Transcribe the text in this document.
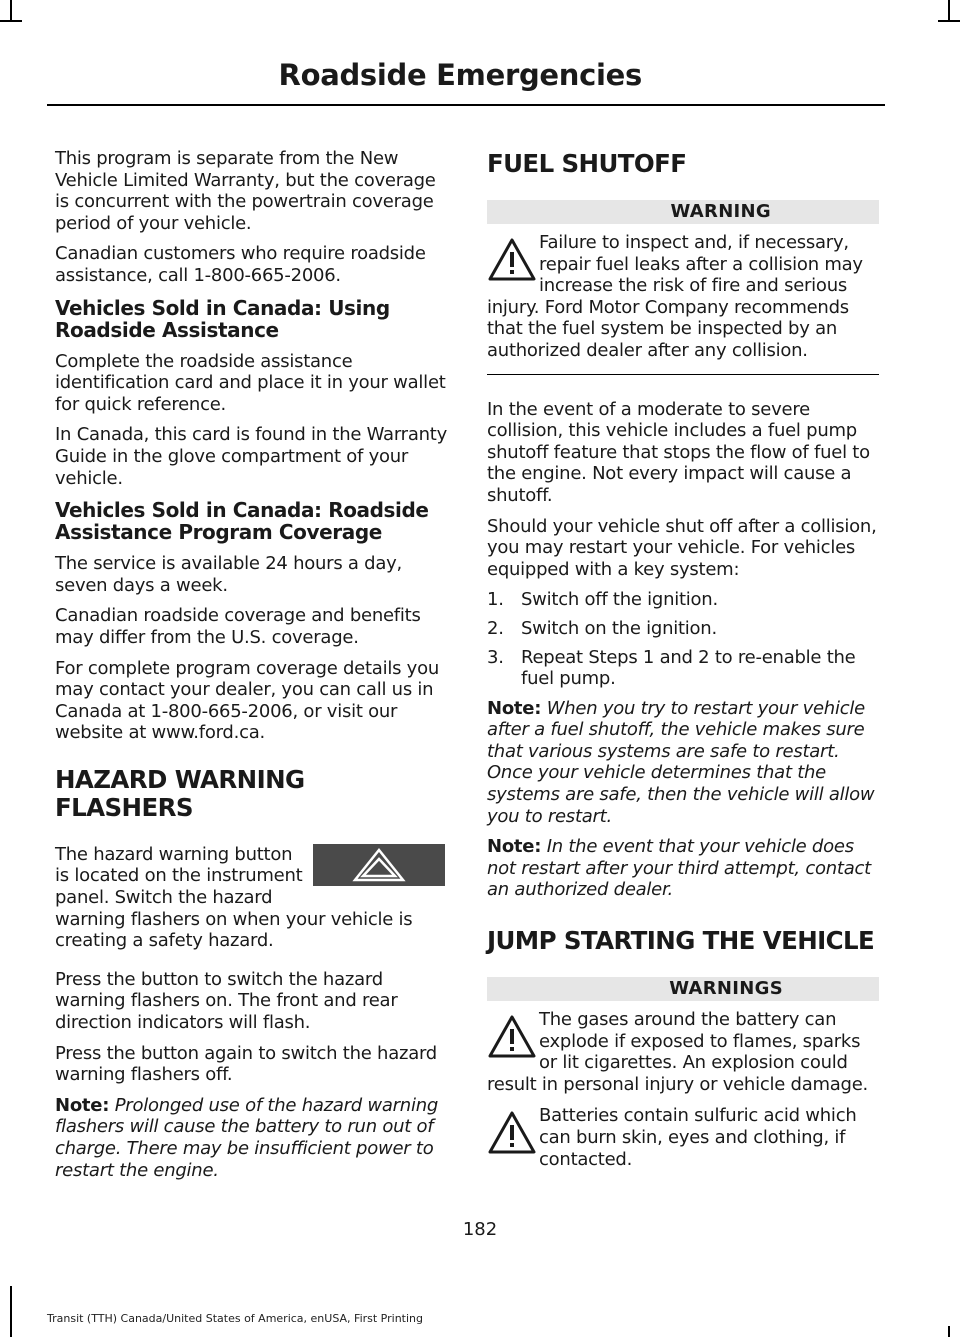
Roadside Emergencies

This program is separate from the New Vehicle Limited Warranty, but the coverage is concurrent with the powertrain coverage period of your vehicle.

Canadian customers who require roadside assistance, call 1-800-665-2006.

Vehicles Sold in Canada: Using Roadside Assistance

Complete the roadside assistance identification card and place it in your wallet for quick reference.

In Canada, this card is found in the Warranty Guide in the glove compartment of your vehicle.

Vehicles Sold in Canada: Roadside Assistance Program Coverage

The service is available 24 hours a day, seven days a week.

Canadian roadside coverage and benefits may differ from the U.S. coverage.

For complete program coverage details you may contact your dealer, you can call us in Canada at 1-800-665-2006, or visit our website at www.ford.ca.

HAZARD WARNING FLASHERS

The hazard warning button is located on the instrument panel. Switch the hazard warning flashers on when your vehicle is creating a safety hazard.

Press the button to switch the hazard warning flashers on. The front and rear direction indicators will flash.

Press the button again to switch the hazard warning flashers off.

Note: Prolonged use of the hazard warning flashers will cause the battery to run out of charge. There may be insufficient power to restart the engine.

FUEL SHUTOFF
WARNING
Failure to inspect and, if necessary, repair fuel leaks after a collision may increase the risk of fire and serious injury. Ford Motor Company recommends that the fuel system be inspected by an authorized dealer after any collision.

In the event of a moderate to severe collision, this vehicle includes a fuel pump shutoff feature that stops the flow of fuel to the engine. Not every impact will cause a shutoff.

Should your vehicle shut off after a collision, you may restart your vehicle. For vehicles equipped with a key system:

1. Switch off the ignition.
2. Switch on the ignition.
3. Repeat Steps 1 and 2 to re-enable the fuel pump.

Note: When you try to restart your vehicle after a fuel shutoff, the vehicle makes sure that various systems are safe to restart. Once your vehicle determines that the systems are safe, then the vehicle will allow you to restart.

Note: In the event that your vehicle does not restart after your third attempt, contact an authorized dealer.

JUMP STARTING THE VEHICLE
WARNINGS
The gases around the battery can explode if exposed to flames, sparks or lit cigarettes. An explosion could result in personal injury or vehicle damage.
Batteries contain sulfuric acid which can burn skin, eyes and clothing, if contacted.
182
Transit (TTH) Canada/United States of America, enUSA, First Printing
